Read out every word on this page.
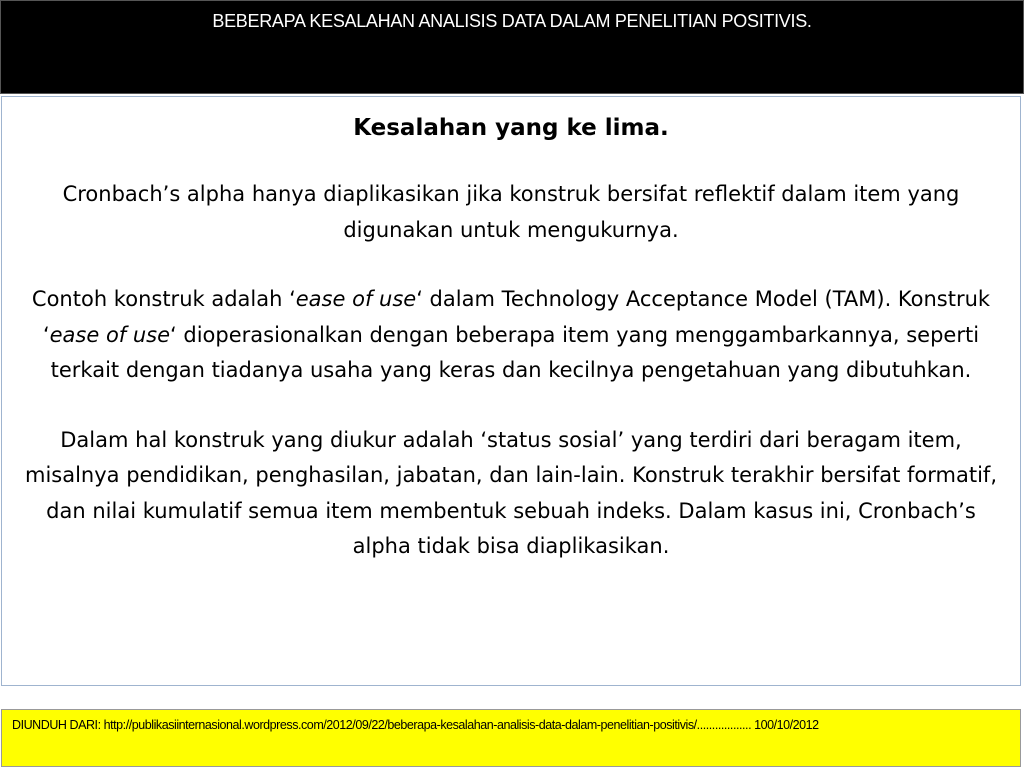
BEBERAPA KESALAHAN ANALISIS DATA DALAM PENELITIAN POSITIVIS.

Kesalahan yang ke lima.

Cronbach’s alpha hanya diaplikasikan jika konstruk bersifat reflektif dalam item yang digunakan untuk mengukurnya.

Contoh konstruk adalah ‘ease of use‘ dalam Technology Acceptance Model (TAM). Konstruk ‘ease of use‘ dioperasionalkan dengan beberapa item yang menggambarkannya, seperti terkait dengan tiadanya usaha yang keras dan kecilnya pengetahuan yang dibutuhkan.

Dalam hal konstruk yang diukur adalah ‘status sosial’ yang terdiri dari beragam item, misalnya pendidikan, penghasilan, jabatan, dan lain-lain. Konstruk terakhir bersifat formatif, dan nilai kumulatif semua item membentuk sebuah indeks. Dalam kasus ini, Cronbach’s alpha tidak bisa diaplikasikan.

DIUNDUH DARI: http://publikasiinternasional.wordpress.com/2012/09/22/beberapa-kesalahan-analisis-data-dalam-penelitian-positivis/.................. 100/10/2012
